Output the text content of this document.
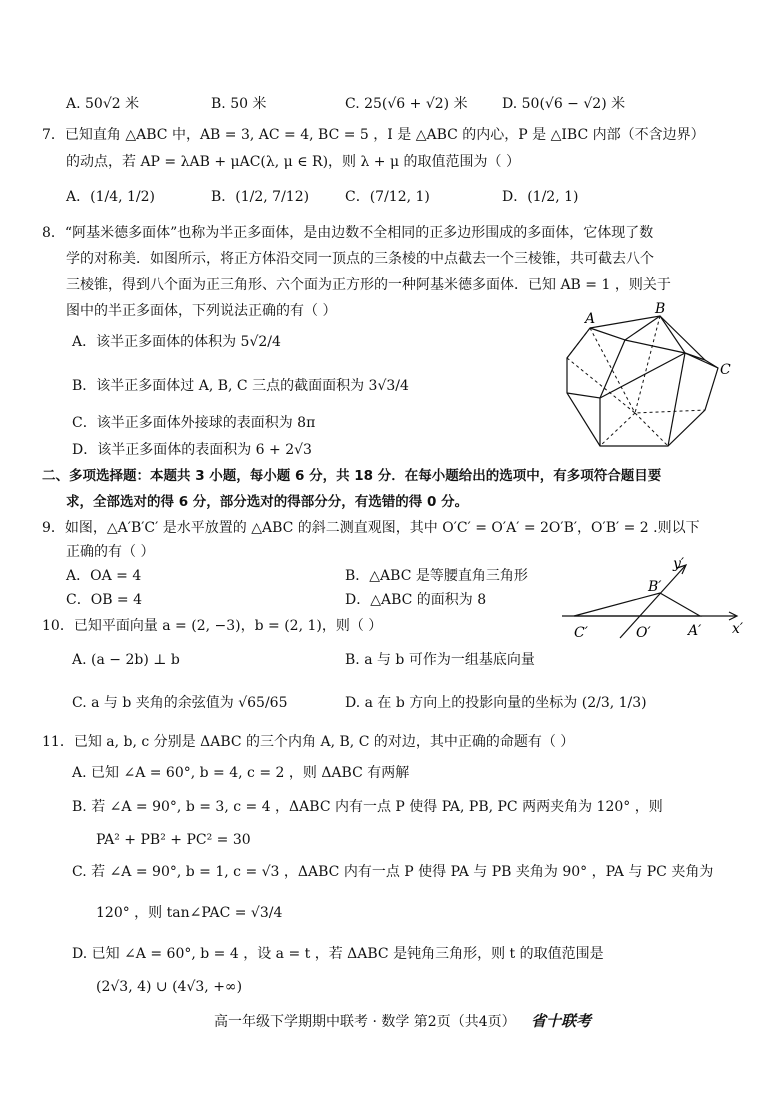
A. 50√2 米	B. 50 米	C. 25(√6 + √2) 米 D. 50(√6 − √2) 米
7．已知直角 △ABC 中，AB = 3, AC = 4, BC = 5 ，I 是 △ABC 的内心，P 是 △IBC 内部（不含边界）
的动点，若 AP = λAB + μAC(λ, μ ∈ R)，则 λ + μ 的取值范围为（ ）
A．(1/4, 1/2)	B．(1/2, 7/12)	C．(7/12, 1)	D．(1/2, 1)
8．“阿基米德多面体”也称为半正多面体，是由边数不全相同的正多边形围成的多面体，它体现了数
学的对称美．如图所示，将正方体沿交同一顶点的三条棱的中点截去一个三棱锥，共可截去八个
三棱锥，得到八个面为正三角形、六个面为正方形的一种阿基米德多面体．已知 AB = 1 ，则关于
图中的半正多面体，下列说法正确的有（ ）
A．该半正多面体的体积为 5√2/4
B．该半正多面体过 A, B, C 三点的截面面积为 3√3/4
C．该半正多面体外接球的表面积为 8π
D．该半正多面体的表面积为 6 + 2√3
A
B
C
二、多项选择题：本题共 3 小题，每小题 6 分，共 18 分．在每小题给出的选项中，有多项符合题目要
求，全部选对的得 6 分，部分选对的得部分分，有选错的得 0 分。
9．如图，△A′B′C′ 是水平放置的 △ABC 的斜二测直观图，其中 O′C′ = O′A′ = 2O′B′，O′B′ = 2 .则以下
正确的有（ ）
A．OA = 4	B．△ABC 是等腰直角三角形
C．OB = 4	D．△ABC 的面积为 8
y′
B′
C′	O′	A′ x′
10．已知平面向量 a = (2, −3)，b = (2, 1)，则（ ）
A. (a − 2b) ⊥ b	B. a 与 b 可作为一组基底向量
C. a 与 b 夹角的余弦值为 √65/65	D. a 在 b 方向上的投影向量的坐标为 (2/3, 1/3)
11．已知 a, b, c 分别是 ΔABC 的三个内角 A, B, C 的对边，其中正确的命题有（ ）
A. 已知 ∠A = 60°, b = 4, c = 2 ，则 ΔABC 有两解
B. 若 ∠A = 90°, b = 3, c = 4 ，ΔABC 内有一点 P 使得 PA, PB, PC 两两夹角为 120° ，则
PA² + PB² + PC² = 30
C. 若 ∠A = 90°, b = 1, c = √3 ，ΔABC 内有一点 P 使得 PA 与 PB 夹角为 90° ，PA 与 PC 夹角为
120° ，则 tan∠PAC = √3/4
D. 已知 ∠A = 60°, b = 4 ，设 a = t ，若 ΔABC 是钝角三角形，则 t 的取值范围是
(2√3, 4) ∪ (4√3, +∞)
高一年级下学期期中联考 · 数学 第2页（共4页） 省十联考
